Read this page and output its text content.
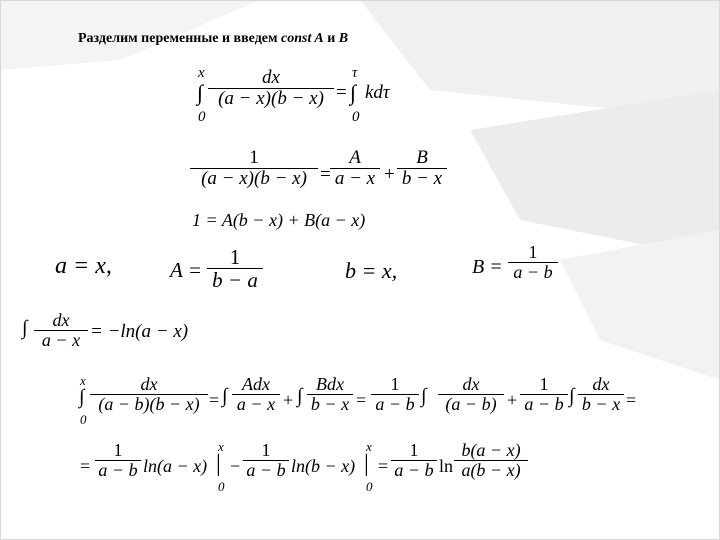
Разделим переменные и введем const A и B
x
∫
0
dx
(a − x)(b − x) =
τ
∫
0
kdτ
1
(a − x)(b − x) =
A
a − x +
B
b − x
1 = A(b − x) + B(a − x)
a = x,	A =
1
b − a	b = x,	B =
1
a − b
∫	dx
a − x = −ln(a − x)
x
∫
0
dx
(a − b)(b − x) = ∫
Adx
a − x + ∫
Bdx
b − x =
1
a − b ∫
dx
(a − b) +
1
a − b ∫
dx
b − x =
=
1
a − b ln(a − x) |
x
0
−
1
a − b ln(b − x) |
x
0
=
1
a − b ln
b(a − x)
a(b − x)
